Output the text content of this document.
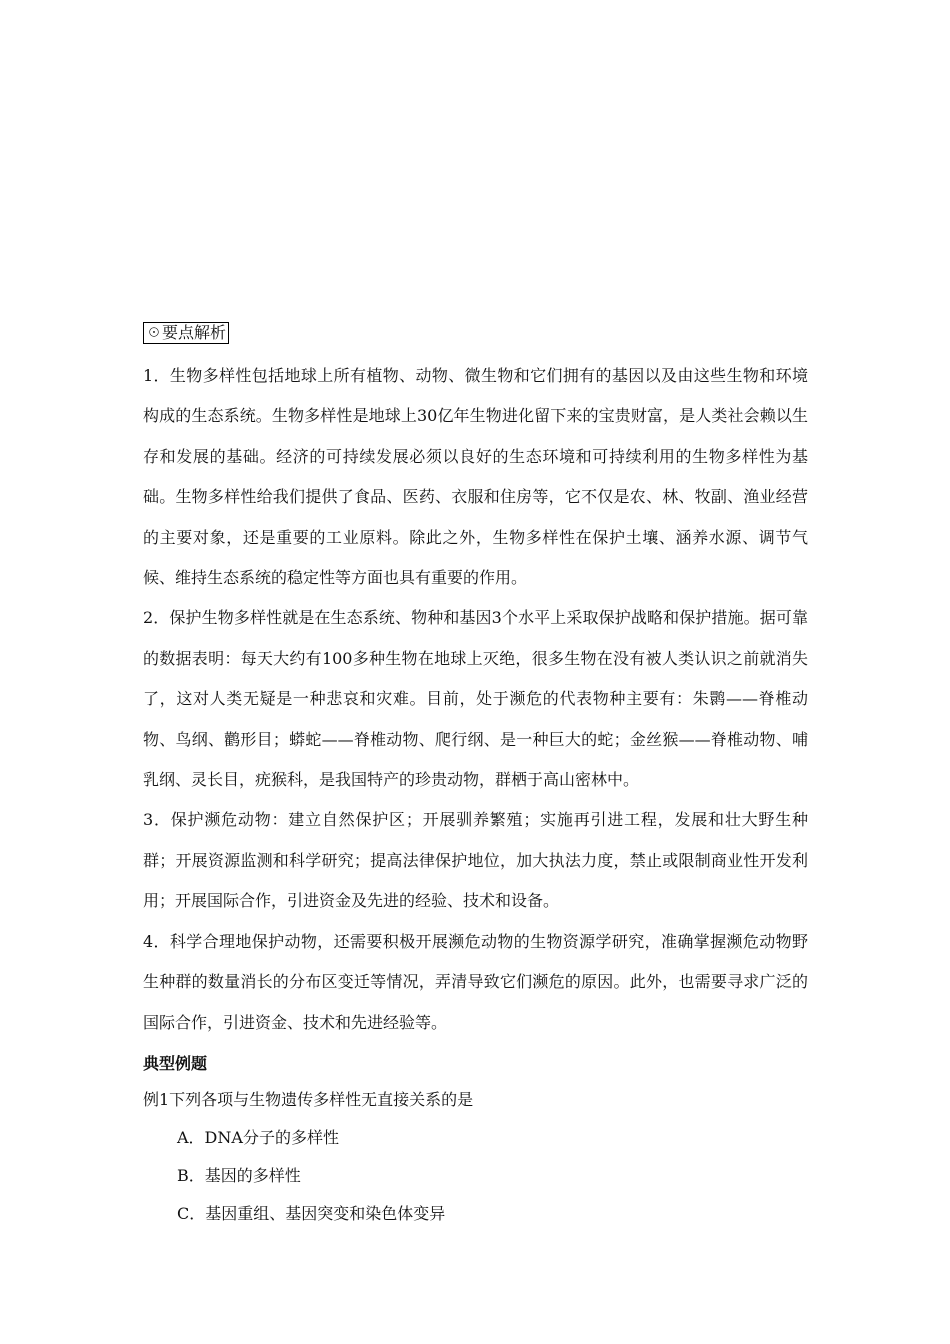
☉要点解析

1．生物多样性包括地球上所有植物、动物、微生物和它们拥有的基因以及由这些生物和环境构成的生态系统。生物多样性是地球上30亿年生物进化留下来的宝贵财富，是人类社会赖以生存和发展的基础。经济的可持续发展必须以良好的生态环境和可持续利用的生物多样性为基础。生物多样性给我们提供了食品、医药、衣服和住房等，它不仅是农、林、牧副、渔业经营的主要对象，还是重要的工业原料。除此之外，生物多样性在保护土壤、涵养水源、调节气候、维持生态系统的稳定性等方面也具有重要的作用。

2．保护生物多样性就是在生态系统、物种和基因3个水平上采取保护战略和保护措施。据可靠的数据表明：每天大约有100多种生物在地球上灭绝，很多生物在没有被人类认识之前就消失了，这对人类无疑是一种悲哀和灾难。目前，处于濒危的代表物种主要有：朱鹮——脊椎动物、鸟纲、鹳形目；蟒蛇——脊椎动物、爬行纲、是一种巨大的蛇；金丝猴——脊椎动物、哺乳纲、灵长目，疣猴科，是我国特产的珍贵动物，群栖于高山密林中。

3．保护濒危动物：建立自然保护区；开展驯养繁殖；实施再引进工程，发展和壮大野生种群；开展资源监测和科学研究；提高法律保护地位，加大执法力度，禁止或限制商业性开发利用；开展国际合作，引进资金及先进的经验、技术和设备。

4．科学合理地保护动物，还需要积极开展濒危动物的生物资源学研究，准确掌握濒危动物野生种群的数量消长的分布区变迁等情况，弄清导致它们濒危的原因。此外，也需要寻求广泛的国际合作，引进资金、技术和先进经验等。

典型例题

例1下列各项与生物遗传多样性无直接关系的是

A．DNA分子的多样性

B．基因的多样性

C．基因重组、基因突变和染色体变异
